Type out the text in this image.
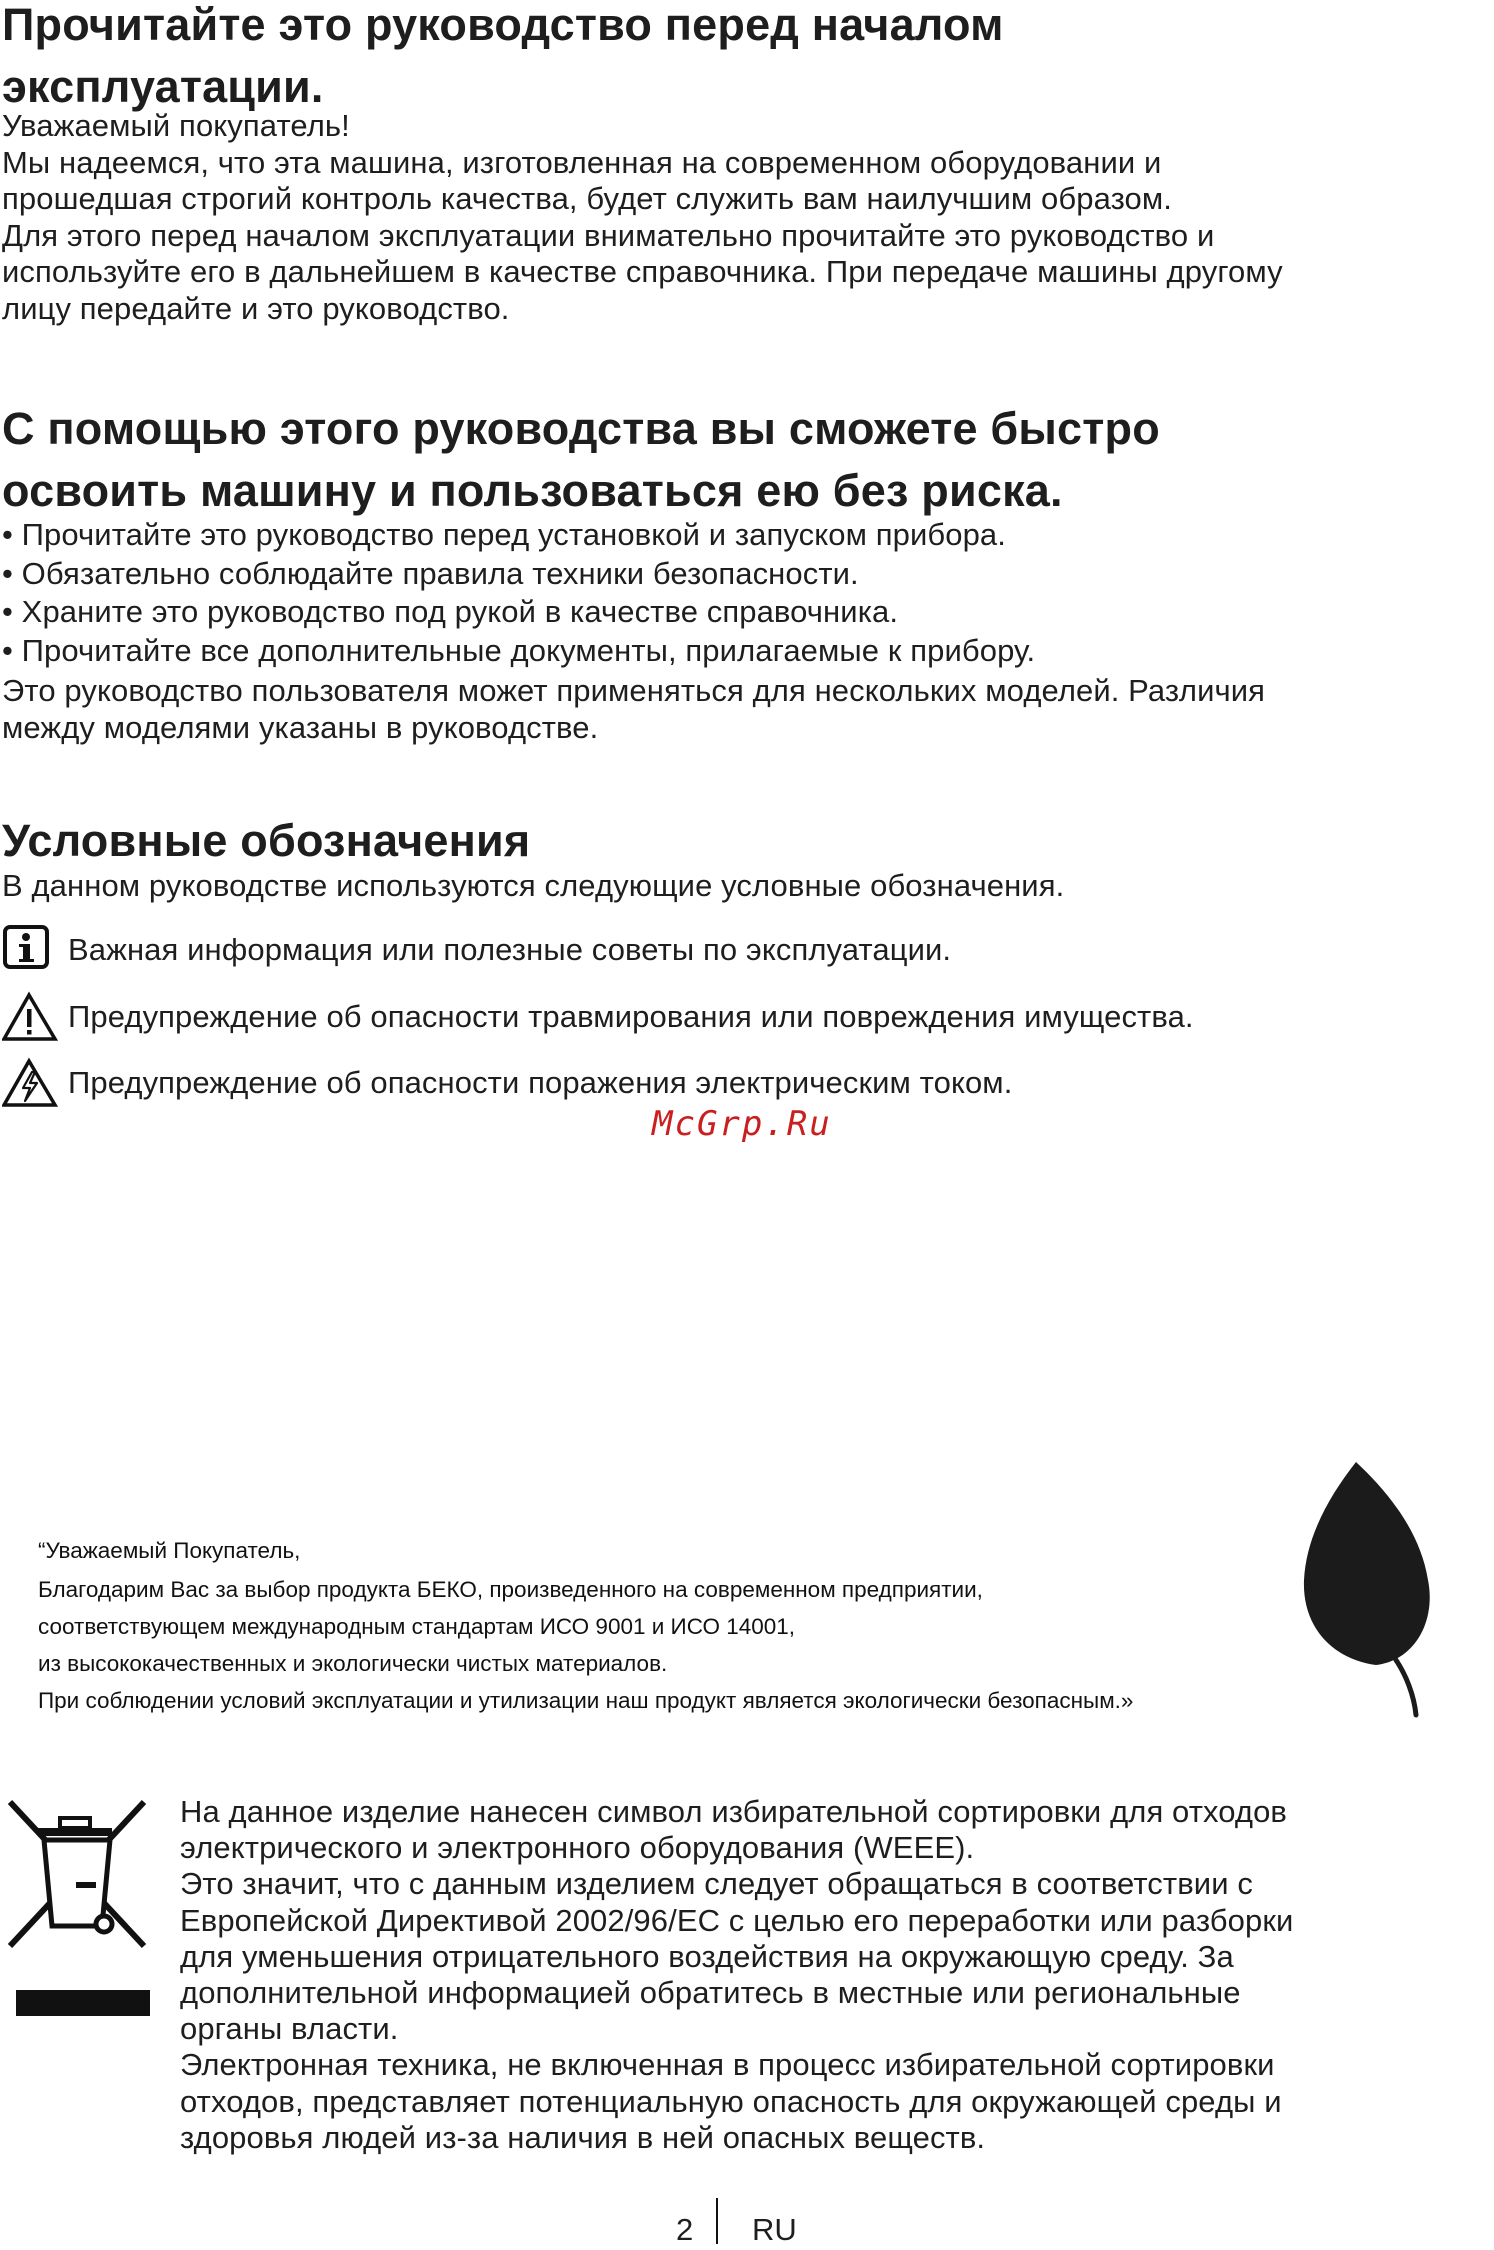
Прочитайте это руководство перед началом
эксплуатации.
Уважаемый покупатель!
Мы надеемся, что эта машина, изготовленная на современном оборудовании и
прошедшая строгий контроль качества, будет служить вам наилучшим образом.
Для этого перед началом эксплуатации внимательно прочитайте это руководство и
используйте его в дальнейшем в качестве справочника. При передаче машины другому
лицу передайте и это руководство.
С помощью этого руководства вы сможете быстро
освоить машину и пользоваться ею без риска.
• Прочитайте это руководство перед установкой и запуском прибора.
• Обязательно соблюдайте правила техники безопасности.
• Храните это руководство под рукой в качестве справочника.
• Прочитайте все дополнительные документы, прилагаемые к прибору.
Это руководство пользователя может применяться для нескольких моделей. Различия
между моделями указаны в руководстве.
Условные обозначения
В данном руководстве используются следующие условные обозначения.
Важная информация или полезные советы по эксплуатации.
Предупреждение об опасности травмирования или повреждения имущества.
Предупреждение об опасности поражения электрическим током.
McGrp.Ru
“Уважаемый Покупатель,
Благодарим Вас за выбор продукта БЕКО, произведенного на современном предприятии,
соответствующем международным стандартам ИСО 9001 и ИСО 14001,
из высококачественных и экологически чистых материалов.
При соблюдении условий эксплуатации и утилизации наш продукт является экологически безопасным.»
На данное изделие нанесен символ избирательной сортировки для отходов
электрического и электронного оборудования (WEEE).
Это значит, что с данным изделием следует обращаться в соответствии с
Европейской Директивой 2002/96/ЕС с целью его переработки или разборки
для уменьшения отрицательного воздействия на окружающую среду. За
дополнительной информацией обратитесь в местные или региональные
органы власти.
Электронная техника, не включенная в процесс избирательной сортировки
отходов, представляет потенциальную опасность для окружающей среды и
здоровья людей из-за наличия в ней опасных веществ.
2 RU
